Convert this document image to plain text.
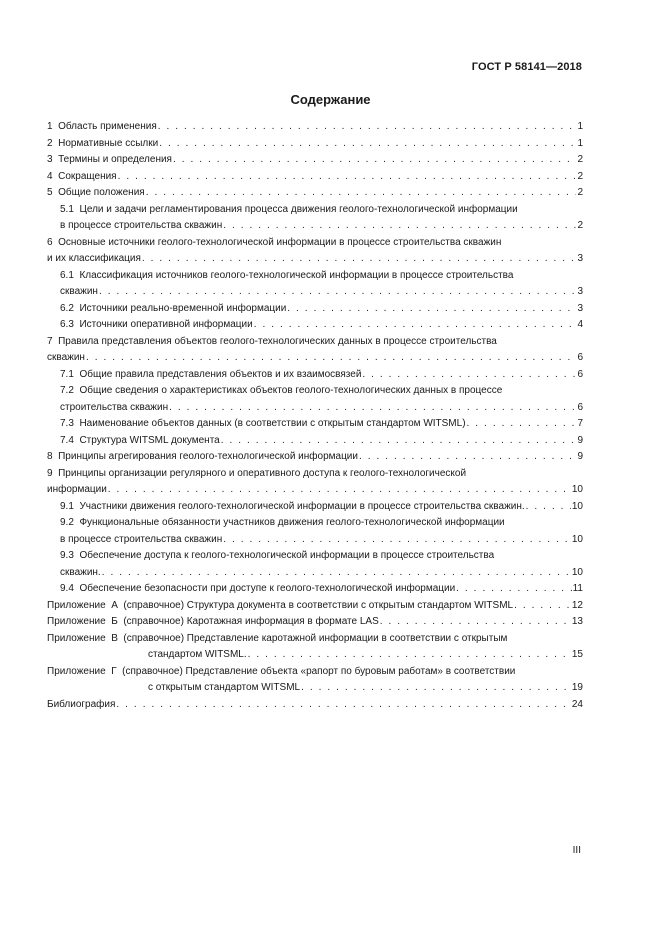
ГОСТ Р 58141—2018
Содержание
1  Область применения . . .	1
2  Нормативные ссылки . . .	1
3  Термины и определения . . .	2
4  Сокращения . . .	2
5  Общие положения . . .	2
5.1  Цели и задачи регламентирования процесса движения геолого-технологической информации
в процессе строительства скважин . . .	2
6  Основные источники геолого-технологической информации в процессе строительства скважин
и их классификация . . .	3
6.1  Классификация источников геолого-технологической информации в процессе строительства
скважин . . .	3
6.2  Источники реально-временной информации . . .	3
6.3  Источники оперативной информации . . .	4
7  Правила представления объектов геолого-технологических данных в процессе строительства
скважин . . .	6
7.1  Общие правила представления объектов и их взаимосвязей . . .	6
7.2  Общие сведения о характеристиках объектов геолого-технологических данных в процессе
строительства скважин . . .	6
7.3  Наименование объектов данных (в соответствии с открытым стандартом WITSML) . . .	7
7.4  Структура WITSML документа . . .	9
8  Принципы агрегирования геолого-технологической информации . . .	9
9  Принципы организации регулярного и оперативного доступа к геолого-технологической
информации . . .	10
9.1  Участники движения геолого-технологической информации в процессе строительства скважин. . . .	10
9.2  Функциональные обязанности участников движения геолого-технологической информации
в процессе строительства скважин . . .	10
9.3  Обеспечение доступа к геолого-технологической информации в процессе строительства
скважин. . . .	10
9.4  Обеспечение безопасности при доступе к геолого-технологической информации . . .	11
Приложение  А  (справочное) Структура документа в соответствии с открытым стандартом WITSML . . .	12
Приложение  Б  (справочное) Каротажная информация в формате LAS . . .	13
Приложение  В  (справочное) Представление каротажной информации в соответствии с открытым
стандартом WITSML. . . .	15
Приложение  Г  (справочное) Представление объекта «рапорт по буровым работам» в соответствии
с открытым стандартом WITSML . . .	19
Библиография . . .	24
III
